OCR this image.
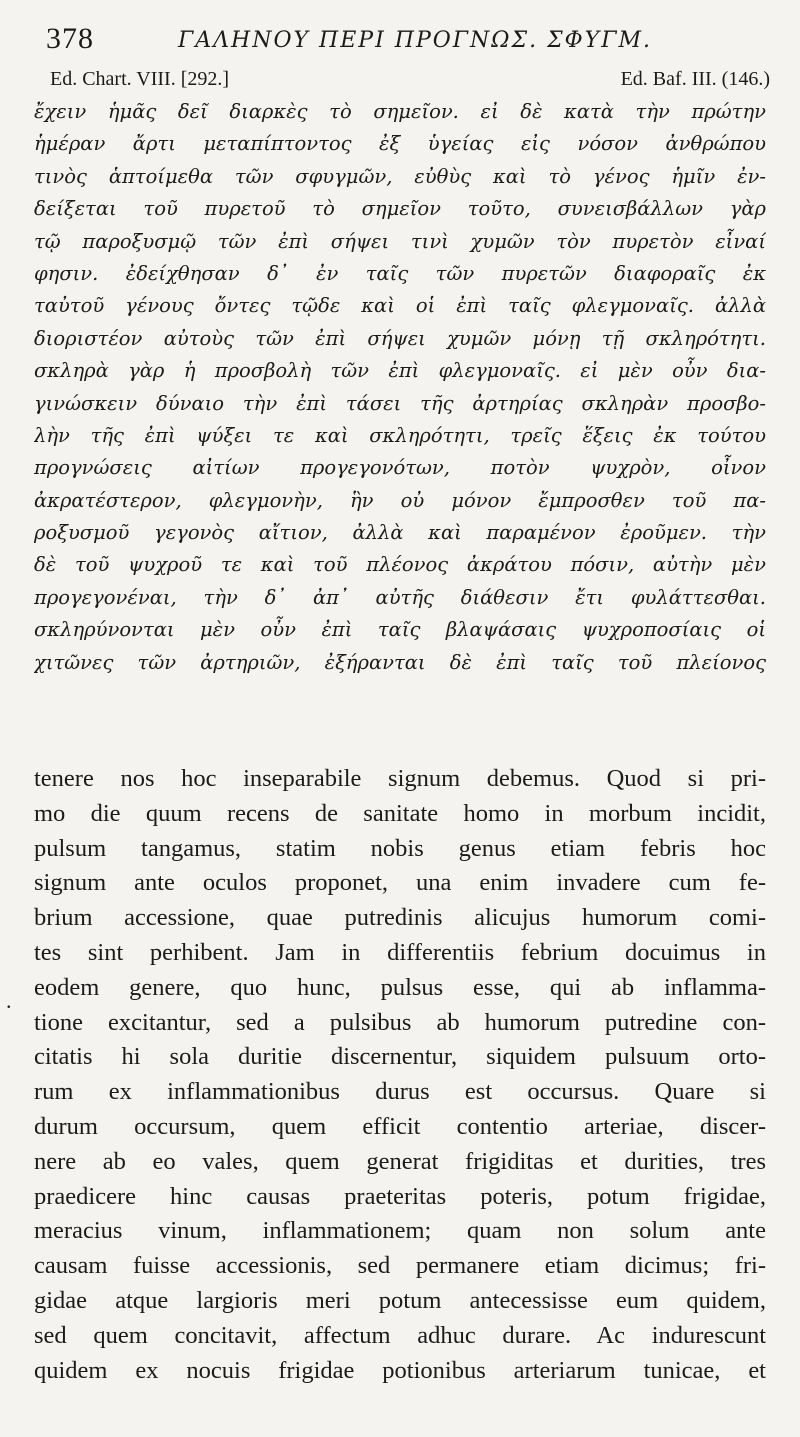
378	ΓΑΛΗΝΟΥ ΠΕΡΙ ΠΡΟΓΝΩΣ. ΣΦΥΓΜ.
Ed. Chart. VIII. [292.]	Ed. Baf. III. (146.)
ἔχειν ἡμᾶς δεῖ διαρκὲς τὸ σημεῖον. εἰ δὲ κατὰ τὴν πρώτην
ἡμέραν ἄρτι μεταπίπτοντος ἐξ ὑγείας εἰς νόσον ἀνθρώπου
τινὸς ἁπτοίμεθα τῶν σφυγμῶν, εὐθὺς καὶ τὸ γένος ἡμῖν ἐν-
δείξεται τοῦ πυρετοῦ τὸ σημεῖον τοῦτο, συνεισβάλλων γὰρ
τῷ παροξυσμῷ τῶν ἐπὶ σήψει τινὶ χυμῶν τὸν πυρετὸν εἶναί
φησιν. ἐδείχθησαν δ᾽ ἐν ταῖς τῶν πυρετῶν διαφοραῖς ἐκ
ταὐτοῦ γένους ὄντες τῷδε καὶ οἱ ἐπὶ ταῖς φλεγμοναῖς. ἀλλὰ
διοριστέον αὐτοὺς τῶν ἐπὶ σήψει χυμῶν μόνῃ τῇ σκληρότητι.
σκληρὰ γὰρ ἡ προσβολὴ τῶν ἐπὶ φλεγμοναῖς. εἰ μὲν οὖν δια-
γινώσκειν δύναιο τὴν ἐπὶ τάσει τῆς ἀρτηρίας σκληρὰν προσβο-
λὴν τῆς ἐπὶ ψύξει τε καὶ σκληρότητι, τρεῖς ἕξεις ἐκ τούτου
προγνώσεις αἰτίων προγεγονότων, ποτὸν ψυχρὸν, οἶνον
ἀκρατέστερον, φλεγμονὴν, ἣν οὐ μόνον ἔμπροσθεν τοῦ πα-
ροξυσμοῦ γεγονὸς αἴτιον, ἀλλὰ καὶ παραμένον ἐροῦμεν. τὴν
δὲ τοῦ ψυχροῦ τε καὶ τοῦ πλέονος ἀκράτου πόσιν, αὐτὴν μὲν
προγεγονέναι, τὴν δ᾽ ἀπ᾽ αὐτῆς διάθεσιν ἔτι φυλάττεσθαι.
σκληρύνονται μὲν οὖν ἐπὶ ταῖς βλαψάσαις ψυχροποσίαις οἱ
χιτῶνες τῶν ἀρτηριῶν, ἐξήρανται δὲ ἐπὶ ταῖς τοῦ πλείονος
.
tenere nos hoc inseparabile signum debemus. Quod si pri-
mo die quum recens de sanitate homo in morbum incidit,
pulsum tangamus, statim nobis genus etiam febris hoc
signum ante oculos proponet, una enim invadere cum fe-
brium accessione, quae putredinis alicujus humorum comi-
tes sint perhibent. Jam in differentiis febrium docuimus in
eodem genere, quo hunc, pulsus esse, qui ab inflamma-
tione excitantur, sed a pulsibus ab humorum putredine con-
citatis hi sola duritie discernentur, siquidem pulsuum orto-
rum ex inflammationibus durus est occursus. Quare si
durum occursum, quem efficit contentio arteriae, discer-
nere ab eo vales, quem generat frigiditas et durities, tres
praedicere hinc causas praeteritas poteris, potum frigidae,
meracius vinum, inflammationem; quam non solum ante
causam fuisse accessionis, sed permanere etiam dicimus; fri-
gidae atque largioris meri potum antecessisse eum quidem,
sed quem concitavit, affectum adhuc durare. Ac indurescunt
quidem ex nocuis frigidae potionibus arteriarum tunicae, et
